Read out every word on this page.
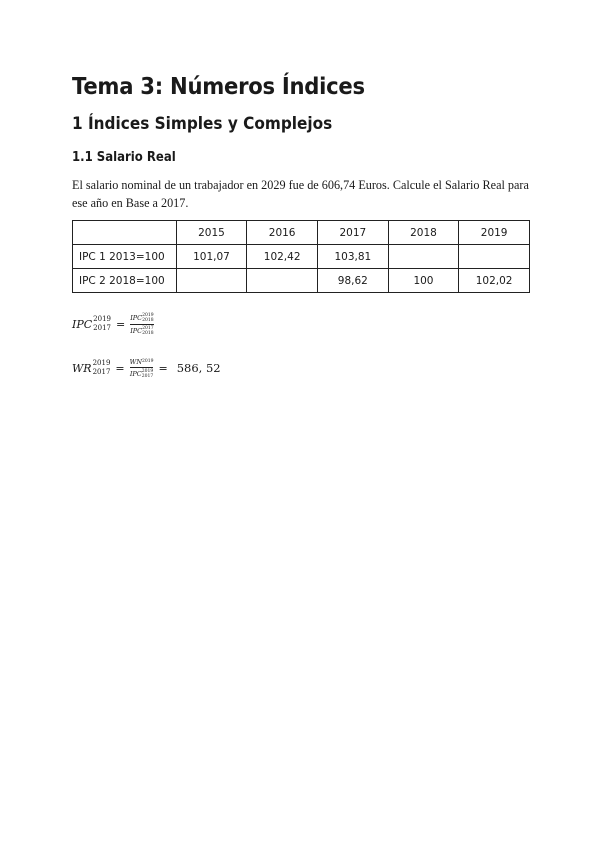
Tema 3: Números Índices
1 Índices Simples y Complejos
1.1 Salario Real

El salario nominal de un trabajador en 2029 fue de 606,74 Euros. Calcule el Salario Real para ese año en Base a 2017.

	2015	2016	2017	2018	2019
IPC 1 2013=100	101,07	102,42	103,81		
IPC 2 2018=100			98,62	100	102,02
IPC 2019
2017 = IPC 2019
2018
IPC 2017
2018
WR 2019
2017 = WN 2019
IPC 2019
2017 = 586, 52
